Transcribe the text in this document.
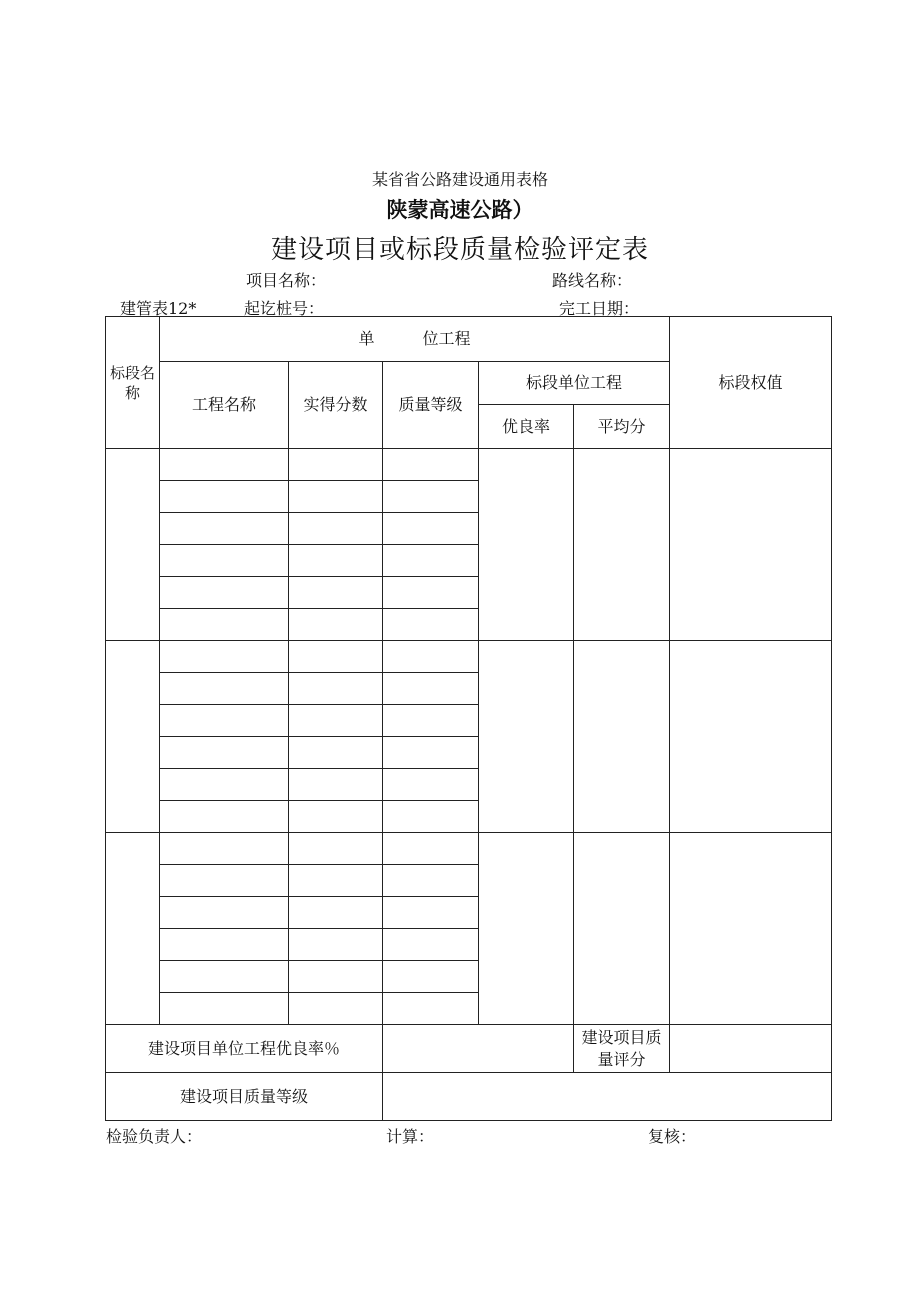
某省省公路建设通用表格
陕蒙高速公路）
建设项目或标段质量检验评定表
项目名称：	路线名称：
建管表12*	起讫桩号：	完工日期：
标段名称	单 位工程					标段权值
	工程名称	实得分数	质量等级	标段单位工程		
				优良率	平均分	

建设项目单位工程优良率％					建设项目质量评分	
建设项目质量等级						
检验负责人：	计算：	复核：
